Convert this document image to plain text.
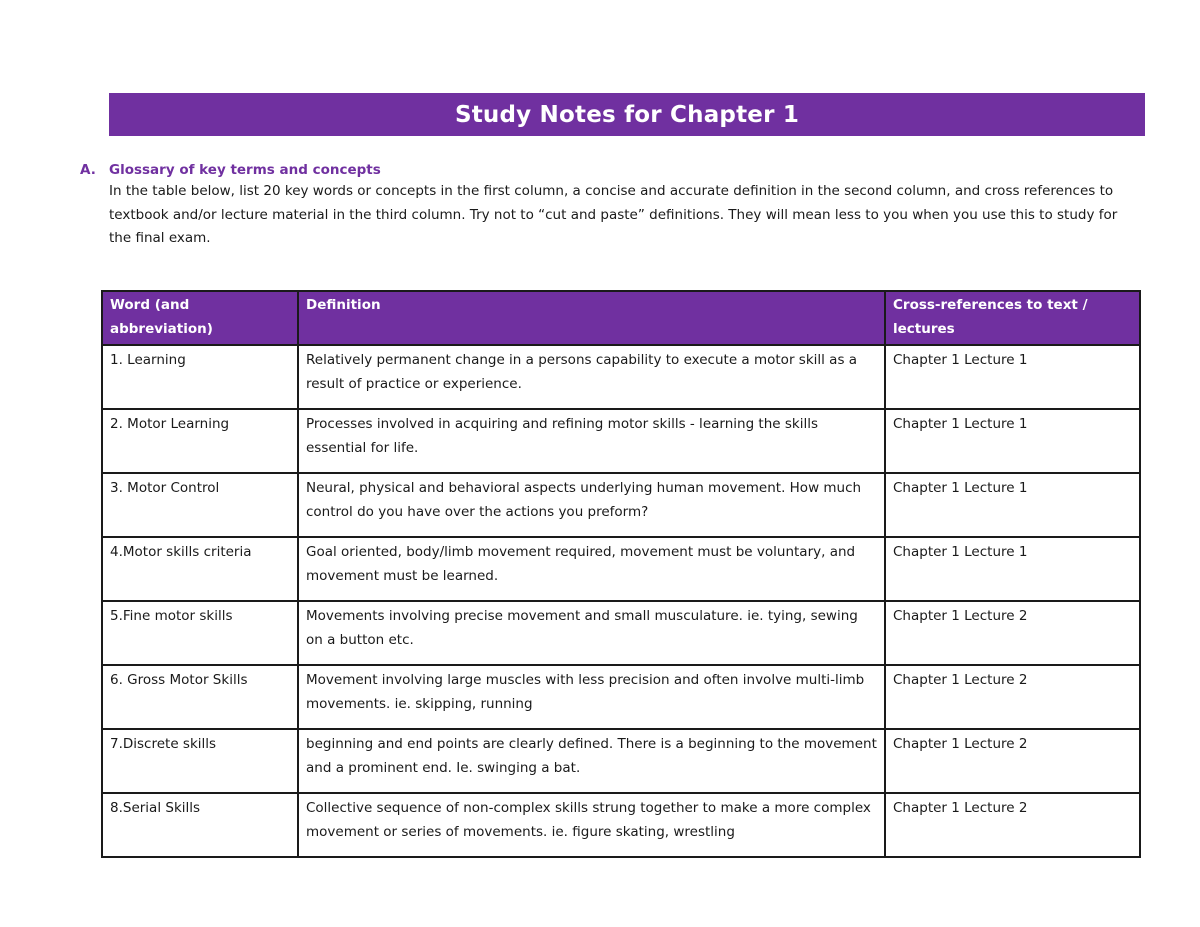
Study Notes for Chapter 1
A. Glossary of key terms and concepts
In the table below, list 20 key words or concepts in the first column, a concise and accurate definition in the second column, and cross references to textbook and/or lecture material in the third column. Try not to “cut and paste” definitions. They will mean less to you when you use this to study for the final exam.
Word (and abbreviation)	Definition	Cross-references to text / lectures
1. Learning	Relatively permanent change in a persons capability to execute a motor skill as a result of practice or experience.	Chapter 1 Lecture 1
2. Motor Learning	Processes involved in acquiring and refining motor skills - learning the skills essential for life.	Chapter 1 Lecture 1
3. Motor Control	Neural, physical and behavioral aspects underlying human movement. How much control do you have over the actions you preform?	Chapter 1 Lecture 1
4.Motor skills criteria	Goal oriented, body/limb movement required, movement must be voluntary, and movement must be learned.	Chapter 1 Lecture 1
5.Fine motor skills	Movements involving precise movement and small musculature. ie. tying, sewing on a button etc.	Chapter 1 Lecture 2
6. Gross Motor Skills	Movement involving large muscles with less precision and often involve multi-limb movements. ie. skipping, running	Chapter 1 Lecture 2
7.Discrete skills	beginning and end points are clearly defined. There is a beginning to the movement and a prominent end. Ie. swinging a bat.	Chapter 1 Lecture 2
8.Serial Skills	Collective sequence of non-complex skills strung together to make a more complex movement or series of movements. ie. figure skating, wrestling	Chapter 1 Lecture 2
